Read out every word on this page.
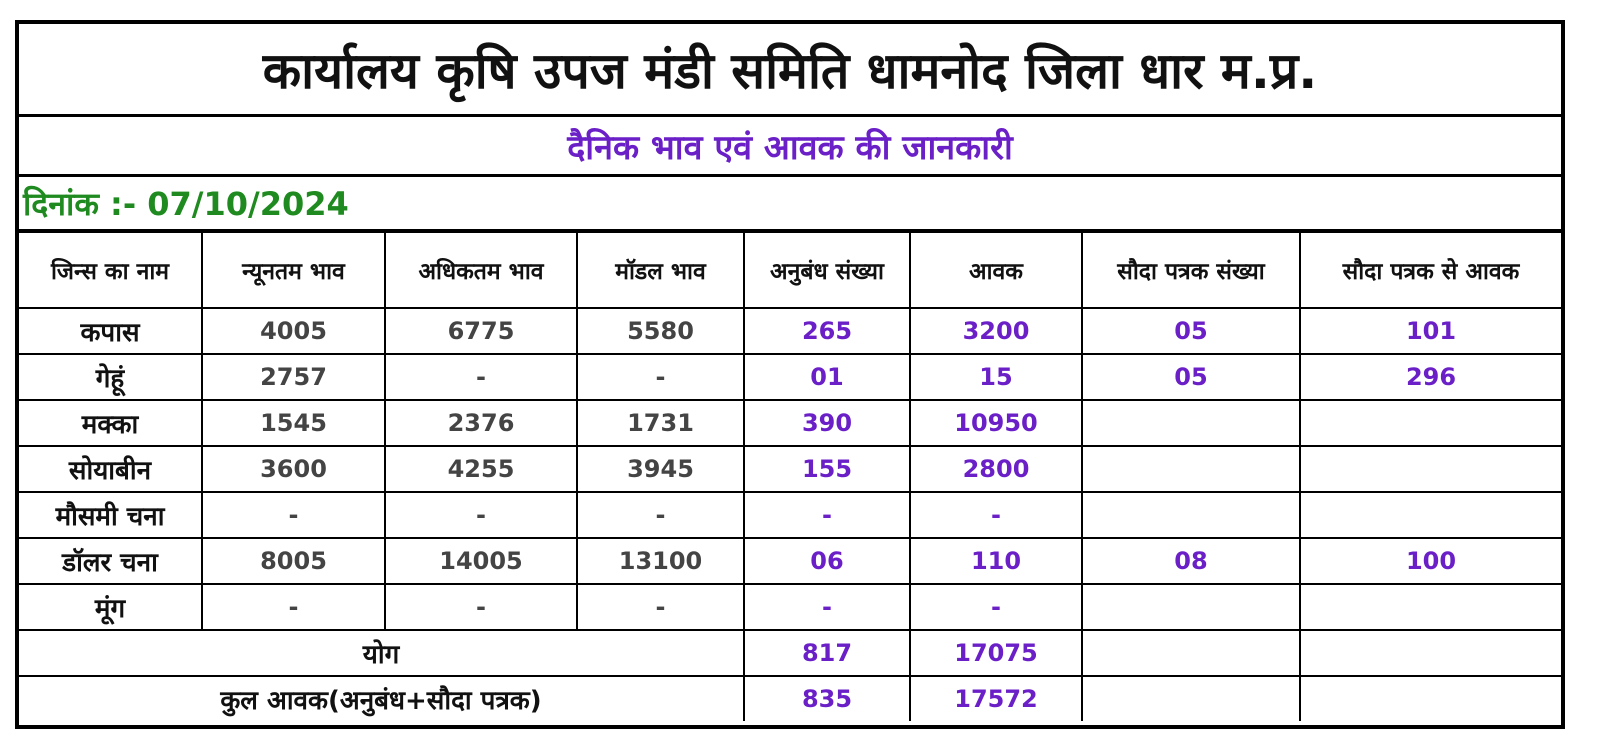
कार्यालय कृषि उपज मंडी समिति धामनोद जिला धार म.प्र.
दैनिक भाव एवं आवक की जानकारी
दिनांक :- 07/10/2024
जिन्स का नाम	न्यूनतम भाव	अधिकतम भाव	मॉडल भाव	अनुबंध संख्या	आवक	सौदा पत्रक संख्या	सौदा पत्रक से आवक
कपास	4005	6775	5580	265	3200	05	101
गेहूं	2757	-	-	01	15	05	296
मक्का	1545	2376	1731	390	10950		
सोयाबीन	3600	4255	3945	155	2800		
मौसमी चना	-	-	-	-	-		
डॉलर चना	8005	14005	13100	06	110	08	100
मूंग	-	-	-	-	-		
योग				817	17075		
कुल आवक(अनुबंध+सौदा पत्रक)				835	17572		
